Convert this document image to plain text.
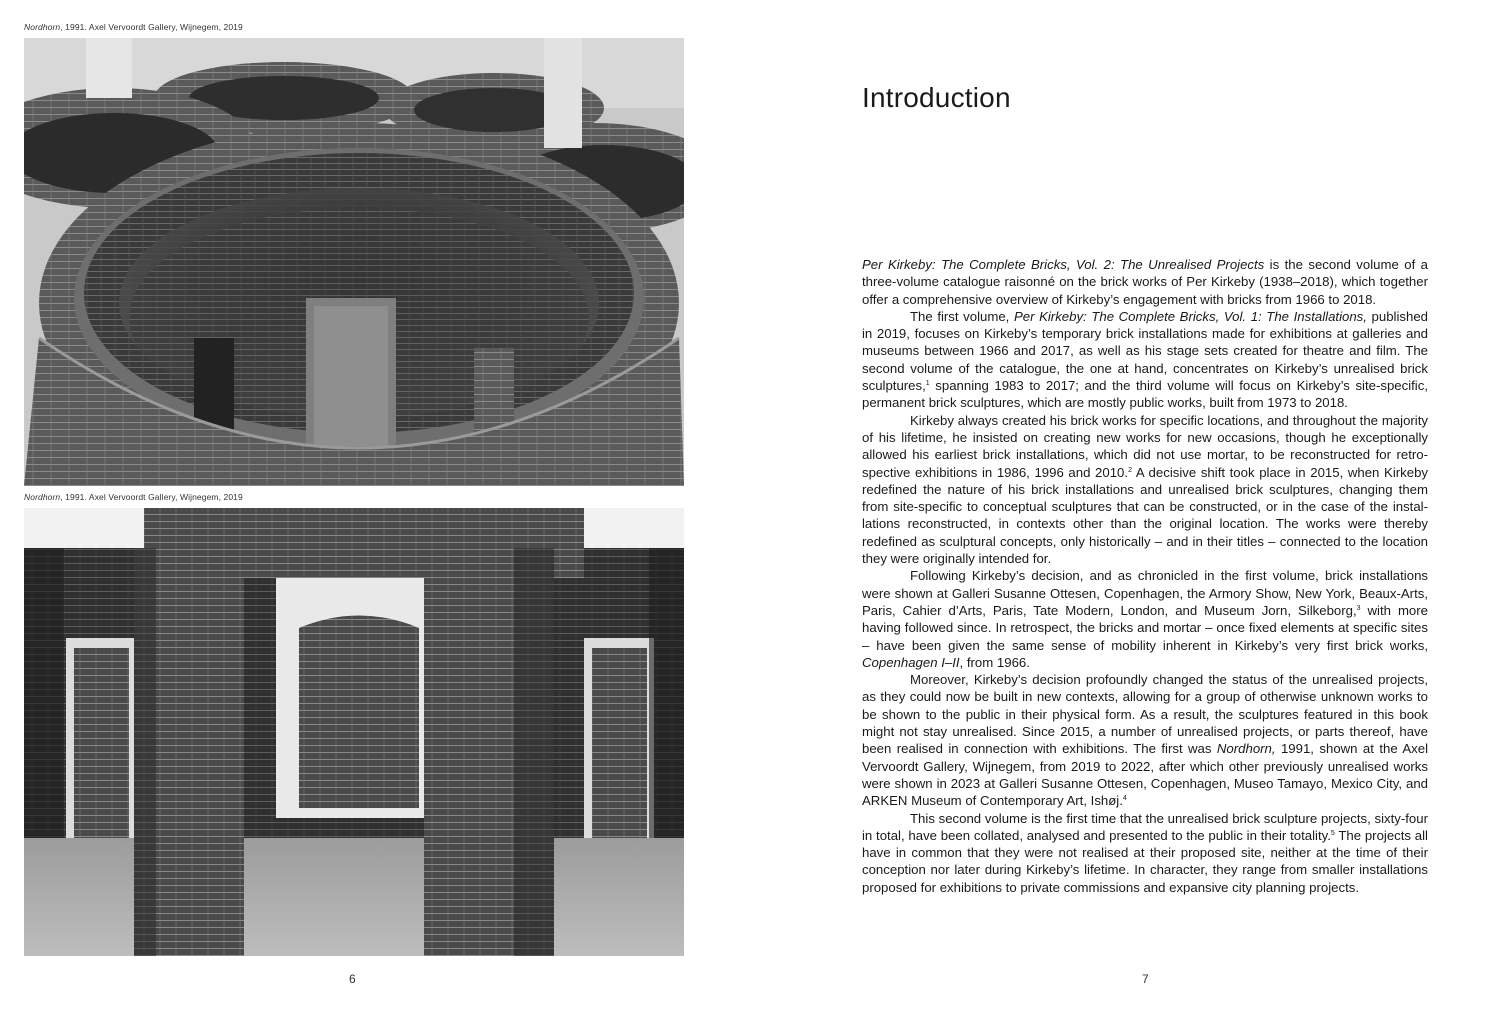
Nordhorn, 1991. Axel Vervoordt Gallery, Wijnegem, 2019
Nordhorn, 1991. Axel Vervoordt Gallery, Wijnegem, 2019
6
Introduction

Per Kirkeby: The Complete Bricks, Vol. 2: The Unrealised Projects is the second volume of a three-volume catalogue raisonné on the brick works of Per Kirkeby (1938–2018), which together offer a comprehensive overview of Kirkeby’s engagement with bricks from 1966 to 2018.

The first volume, Per Kirkeby: The Complete Bricks, Vol. 1: The Installations, published in 2019, focuses on Kirkeby’s temporary brick installations made for exhibitions at galleries and museums between 1966 and 2017, as well as his stage sets created for theatre and film. The second volume of the catalogue, the one at hand, concentrates on Kirkeby’s unrealised brick sculptures,$^1$ spanning 1983 to 2017; and the third volume will focus on Kirkeby’s site-specific, permanent brick sculptures, which are mostly public works, built from 1973 to 2018.

Kirkeby always created his brick works for specific locations, and throughout the majority of his lifetime, he insisted on creating new works for new occasions, though he exceptionally allowed his earliest brick installations, which did not use mortar, to be reconstructed for retro-spective exhibitions in 1986, 1996 and 2010.$^2$ A decisive shift took place in 2015, when Kirkeby redefined the nature of his brick installations and unrealised brick sculptures, changing them from site-specific to conceptual sculptures that can be constructed, or in the case of the instal-lations reconstructed, in contexts other than the original location. The works were thereby redefined as sculptural concepts, only historically – and in their titles – connected to the location they were originally intended for.

Following Kirkeby’s decision, and as chronicled in the first volume, brick installations were shown at Galleri Susanne Ottesen, Copenhagen, the Armory Show, New York, Beaux-Arts, Paris, Cahier d’Arts, Paris, Tate Modern, London, and Museum Jorn, Silkeborg,$^3$ with more having followed since. In retrospect, the bricks and mortar – once fixed elements at specific sites – have been given the same sense of mobility inherent in Kirkeby’s very first brick works, Copenhagen I–II, from 1966.

Moreover, Kirkeby’s decision profoundly changed the status of the unrealised projects, as they could now be built in new contexts, allowing for a group of otherwise unknown works to be shown to the public in their physical form. As a result, the sculptures featured in this book might not stay unrealised. Since 2015, a number of unrealised projects, or parts thereof, have been realised in connection with exhibitions. The first was Nordhorn, 1991, shown at the Axel Vervoordt Gallery, Wijnegem, from 2019 to 2022, after which other previously unrealised works were shown in 2023 at Galleri Susanne Ottesen, Copenhagen, Museo Tamayo, Mexico City, and ARKEN Museum of Contemporary Art, Ishøj.$^4$

This second volume is the first time that the unrealised brick sculpture projects, sixty-four in total, have been collated, analysed and presented to the public in their totality.$^5$ The projects all have in common that they were not realised at their proposed site, neither at the time of their conception nor later during Kirkeby’s lifetime. In character, they range from smaller installations proposed for exhibitions to private commissions and expansive city planning projects.

7
